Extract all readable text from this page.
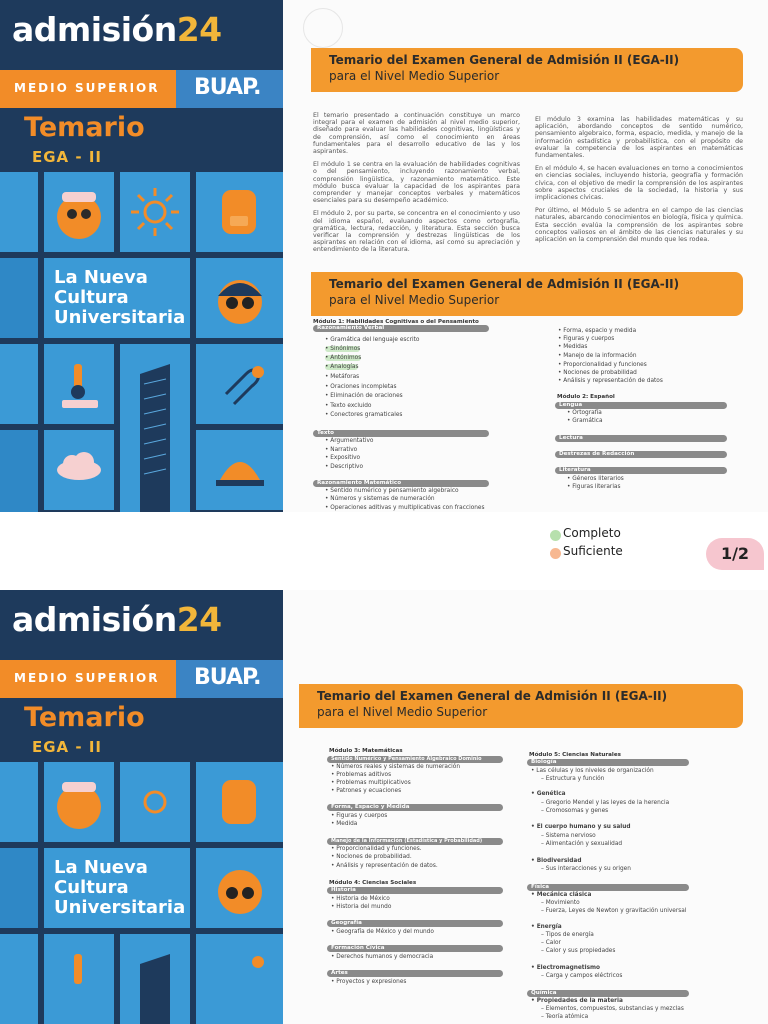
admisión24
MEDIO SUPERIOR BUAP.
Temario
EGA - II
La Nueva
Cultura
Universitaria
Temario del Examen General de Admisión II (EGA-II)
para el Nivel Medio Superior

El temario presentado a continuación constituye un marco integral para el examen de admisión al nivel medio superior, diseñado para evaluar las habilidades cognitivas, lingüísticas y de comprensión, así como el conocimiento en áreas fundamentales para el desarrollo educativo de las y los aspirantes.

El módulo 1 se centra en la evaluación de habilidades cognitivas o del pensamiento, incluyendo razonamiento verbal, comprensión lingüística, y razonamiento matemático. Este módulo busca evaluar la capacidad de los aspirantes para comprender y manejar conceptos verbales y matemáticos esenciales para su desempeño académico.

El módulo 2, por su parte, se concentra en el conocimiento y uso del idioma español, evaluando aspectos como ortografía, gramática, lectura, redacción, y literatura. Esta sección busca verificar la comprensión y destrezas lingüísticas de los aspirantes en relación con el idioma, así como su apreciación y entendimiento de la literatura.

El módulo 3 examina las habilidades matemáticas y su aplicación, abordando conceptos de sentido numérico, pensamiento algebraico, forma, espacio, medida, y manejo de la información estadística y probabilística, con el propósito de evaluar la competencia de los aspirantes en matemáticas fundamentales.

En el módulo 4, se hacen evaluaciones en torno a conocimientos en ciencias sociales, incluyendo historia, geografía y formación cívica, con el objetivo de medir la comprensión de los aspirantes sobre aspectos cruciales de la sociedad, la historia y sus implicaciones cívicas.

Por último, el Módulo 5 se adentra en el campo de las ciencias naturales, abarcando conocimientos en biología, física y química. Esta sección evalúa la comprensión de los aspirantes sobre conceptos valiosos en el ámbito de las ciencias naturales y su aplicación en la comprensión del mundo que les rodea.

Temario del Examen General de Admisión II (EGA-II)
para el Nivel Medio Superior
Módulo 1: Habilidades Cognitivas o del Pensamiento
Razonamiento Verbal
• Gramática del lenguaje escrito
• Sinónimos
• Antónimos
• Analogías
• Metáforas
• Oraciones incompletas
• Eliminación de oraciones
• Texto excluido
• Conectores gramaticales
Texto
• Argumentativo
• Narrativo
• Expositivo
• Descriptivo
Razonamiento Matemático
• Sentido numérico y pensamiento algebraico
• Números y sistemas de numeración
• Operaciones aditivas y multiplicativas con fracciones
• Forma, espacio y medida
• Figuras y cuerpos
• Medidas
• Manejo de la información
• Proporcionalidad y funciones
• Nociones de probabilidad
• Análisis y representación de datos
Módulo 2: Español
Lengua
• Ortografía
• Gramática
Lectura
Destrezas de Redacción
Literatura
• Géneros literarios
• Figuras literarias
Completo
Suficiente	1/2
admisión24
MEDIO SUPERIOR BUAP.
Temario
EGA - II
La Nueva
Cultura
Universitaria
Temario del Examen General de Admisión II (EGA-II)
para el Nivel Medio Superior
Módulo 3: Matemáticas
Sentido Numérico y Pensamiento Algebraico Dominio
• Números reales y sistemas de numeración
• Problemas aditivos
• Problemas multiplicativos
• Patrones y ecuaciones
Forma, Espacio y Medida
• Figuras y cuerpos
• Medida
Manejo de la Información (Estadística y Probabilidad)
• Proporcionalidad y funciones.
• Nociones de probabilidad.
• Análisis y representación de datos.
Módulo 4: Ciencias Sociales
Historia
• Historia de México
• Historia del mundo
Geografía
• Geografía de México y del mundo
Formación Cívica
• Derechos humanos y democracia
Artes
• Proyectos y expresiones
Módulo 5: Ciencias Naturales
Biología
• Las células y los niveles de organización
– Estructura y función
• Genética
– Gregorio Mendel y las leyes de la herencia
– Cromosomas y genes
• El cuerpo humano y su salud
– Sistema nervioso
– Alimentación y sexualidad
• Biodiversidad
– Sus interacciones y su origen
Física
• Mecánica clásica
– Movimiento
– Fuerza, Leyes de Newton y gravitación universal
• Energía
– Tipos de energía
– Calor
– Calor y sus propiedades
• Electromagnetismo
– Carga y campos eléctricos
Química
• Propiedades de la materia
– Elementos, compuestos, substancias y mezclas
– Teoría atómica
